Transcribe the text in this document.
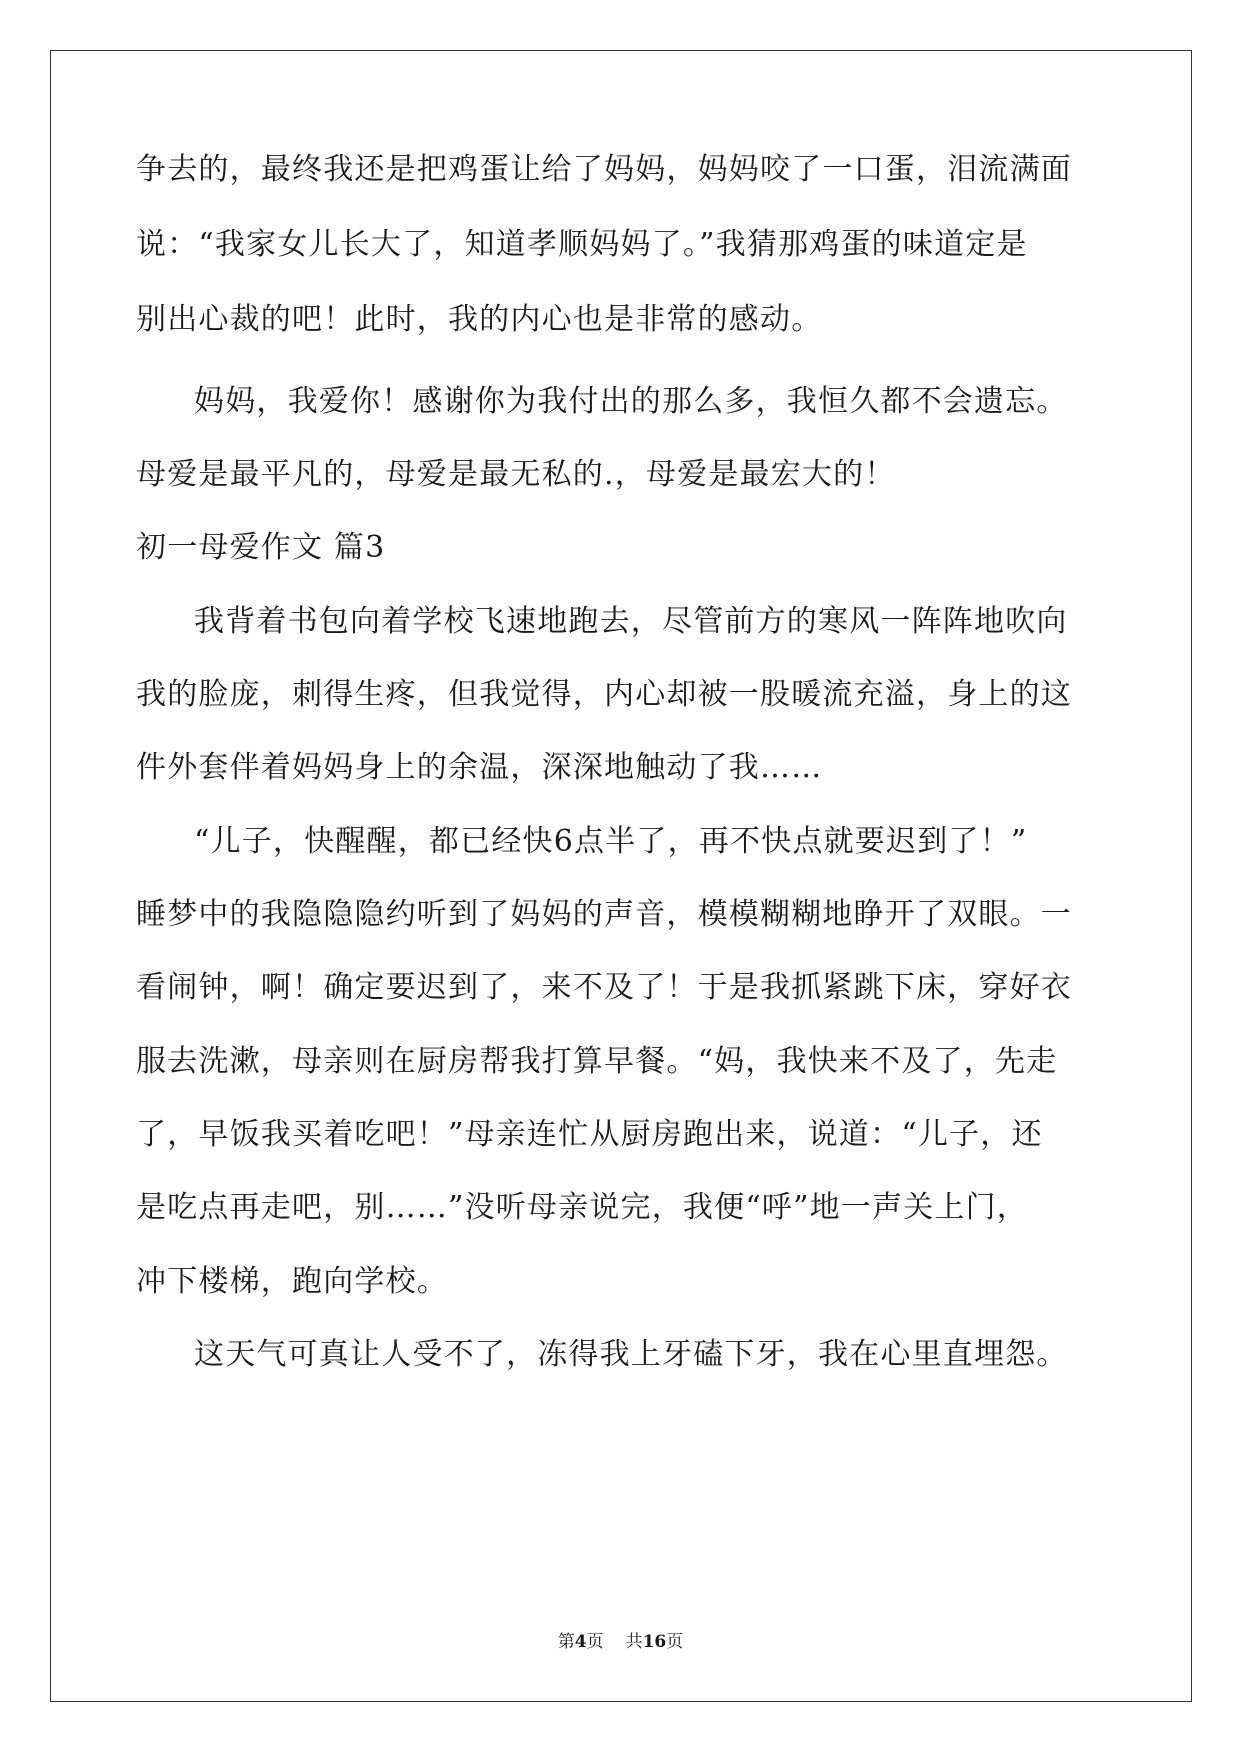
争去的，最终我还是把鸡蛋让给了妈妈，妈妈咬了一口蛋，泪流满面
说：“我家女儿长大了，知道孝顺妈妈了。”我猜那鸡蛋的味道定是
别出心裁的吧！此时，我的内心也是非常的感动。
妈妈，我爱你！感谢你为我付出的那么多，我恒久都不会遗忘。
母爱是最平凡的，母爱是最无私的.，母爱是最宏大的！
初一母爱作文 篇3
我背着书包向着学校飞速地跑去，尽管前方的寒风一阵阵地吹向
我的脸庞，刺得生疼，但我觉得，内心却被一股暖流充溢，身上的这
件外套伴着妈妈身上的余温，深深地触动了我……
“儿子，快醒醒，都已经快6点半了，再不快点就要迟到了！”
睡梦中的我隐隐隐约听到了妈妈的声音，模模糊糊地睁开了双眼。一
看闹钟，啊！确定要迟到了，来不及了！于是我抓紧跳下床，穿好衣
服去洗漱，母亲则在厨房帮我打算早餐。“妈，我快来不及了，先走
了，早饭我买着吃吧！”母亲连忙从厨房跑出来，说道：“儿子，还
是吃点再走吧，别……”没听母亲说完，我便“呼”地一声关上门，
冲下楼梯，跑向学校。
这天气可真让人受不了，冻得我上牙磕下牙，我在心里直埋怨。
第4页 共16页
